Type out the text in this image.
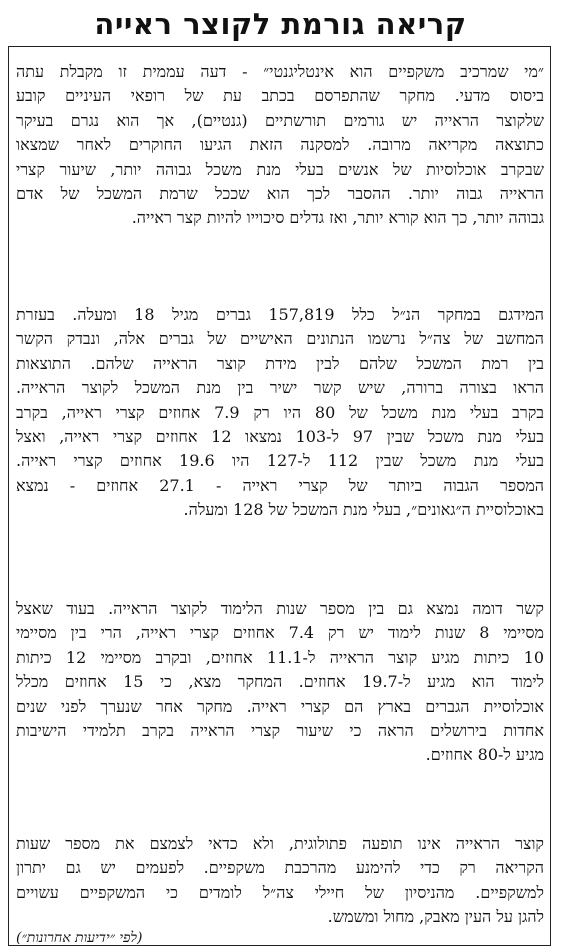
קריאה גורמת לקוצר ראייה
״מי שמרכיב משקפיים הוא אינטליגנטי״ - דעה עממית זו מקבלת עתה
ביסוס מדעי. מחקר שהתפרסם בכתב עת של רופאי העיניים קובע
שלקוצר הראייה יש גורמים תורשתיים (גנטיים), אך הוא נגרם בעיקר
כתוצאה מקריאה מרובה. למסקנה הזאת הגיעו החוקרים לאחר שמצאו
שבקרב אוכלוסיות של אנשים בעלי מנת משכל גבוהה יותר, שיעור קצרי
הראייה גבוה יותר. ההסבר לכך הוא שככל שרמת המשכל של אדם
גבוהה יותר, כך הוא קורא יותר, ואז גדלים סיכוייו להיות קצר ראייה.
המידגם במחקר הנ״ל כלל 157,819 גברים מגיל 18 ומעלה. בעזרת
המחשב של צה״ל נרשמו הנתונים האישיים של גברים אלה, ונבדק הקשר
בין רמת המשכל שלהם לבין מידת קוצר הראייה שלהם. התוצאות
הראו בצורה ברורה, שיש קשר ישיר בין מנת המשכל לקוצר הראייה.
בקרב בעלי מנת משכל של 80 היו רק 7.9 אחוזים קצרי ראייה, בקרב
בעלי מנת משכל שבין 97 ל-103 נמצאו 12 אחוזים קצרי ראייה, ואצל
בעלי מנת משכל שבין 112 ל-127 היו 19.6 אחוזים קצרי ראייה.
המספר הגבוה ביותר של קצרי ראייה - 27.1 אחוזים - נמצא
באוכלוסיית ה״גאונים״, בעלי מנת המשכל של 128 ומעלה.
קשר דומה נמצא גם בין מספר שנות הלימוד לקוצר הראייה. בעוד שאצל
מסיימי 8 שנות לימוד יש רק 7.4 אחוזים קצרי ראייה, הרי בין מסיימי
10 כיתות מגיע קוצר הראייה ל-11.1 אחוזים, ובקרב מסיימי 12 כיתות
לימוד הוא מגיע ל-19.7 אחוזים. המחקר מצא, כי 15 אחוזים מכלל
אוכלוסיית הגברים בארץ הם קצרי ראייה. מחקר אחר שנערך לפני שנים
אחדות בירושלים הראה כי שיעור קצרי הראייה בקרב תלמידי הישיבות
מגיע ל-80 אחוזים.
קוצר הראייה אינו תופעה פתולוגית, ולא כדאי לצמצם את מספר שעות
הקריאה רק כדי להימנע מהרכבת משקפיים. לפעמים יש גם יתרון
למשקפיים. מהניסיון של חיילי צה״ל לומדים כי המשקפיים עשויים
להגן על העין מאבק, מחול ומשמש.
(לפי ״ידיעות אחרונות״)
